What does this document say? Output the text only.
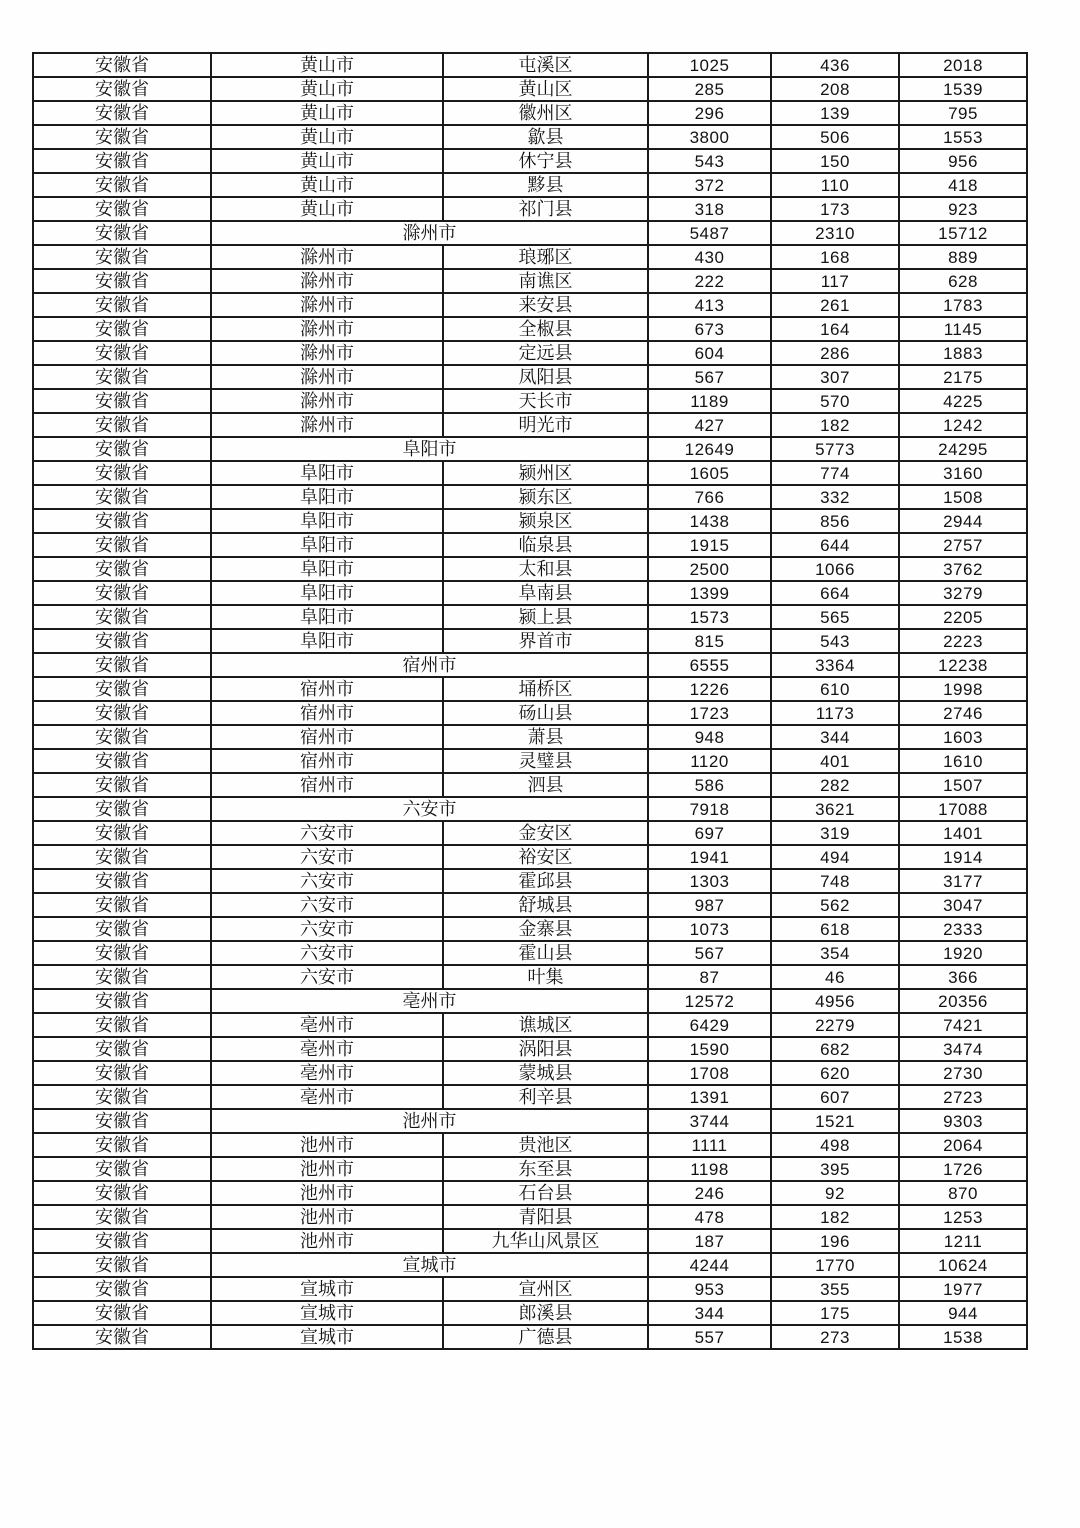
安徽省	黄山市	屯溪区	1025	436	2018
安徽省	黄山市	黄山区	285	208	1539
安徽省	黄山市	徽州区	296	139	795
安徽省	黄山市	歙县	3800	506	1553
安徽省	黄山市	休宁县	543	150	956
安徽省	黄山市	黟县	372	110	418
安徽省	黄山市	祁门县	318	173	923
安徽省	滁州市		5487	2310	15712
安徽省	滁州市	琅琊区	430	168	889
安徽省	滁州市	南谯区	222	117	628
安徽省	滁州市	来安县	413	261	1783
安徽省	滁州市	全椒县	673	164	1145
安徽省	滁州市	定远县	604	286	1883
安徽省	滁州市	凤阳县	567	307	2175
安徽省	滁州市	天长市	1189	570	4225
安徽省	滁州市	明光市	427	182	1242
安徽省	阜阳市		12649	5773	24295
安徽省	阜阳市	颍州区	1605	774	3160
安徽省	阜阳市	颍东区	766	332	1508
安徽省	阜阳市	颍泉区	1438	856	2944
安徽省	阜阳市	临泉县	1915	644	2757
安徽省	阜阳市	太和县	2500	1066	3762
安徽省	阜阳市	阜南县	1399	664	3279
安徽省	阜阳市	颍上县	1573	565	2205
安徽省	阜阳市	界首市	815	543	2223
安徽省	宿州市		6555	3364	12238
安徽省	宿州市	埇桥区	1226	610	1998
安徽省	宿州市	砀山县	1723	1173	2746
安徽省	宿州市	萧县	948	344	1603
安徽省	宿州市	灵璧县	1120	401	1610
安徽省	宿州市	泗县	586	282	1507
安徽省	六安市		7918	3621	17088
安徽省	六安市	金安区	697	319	1401
安徽省	六安市	裕安区	1941	494	1914
安徽省	六安市	霍邱县	1303	748	3177
安徽省	六安市	舒城县	987	562	3047
安徽省	六安市	金寨县	1073	618	2333
安徽省	六安市	霍山县	567	354	1920
安徽省	六安市	叶集	87	46	366
安徽省	亳州市		12572	4956	20356
安徽省	亳州市	谯城区	6429	2279	7421
安徽省	亳州市	涡阳县	1590	682	3474
安徽省	亳州市	蒙城县	1708	620	2730
安徽省	亳州市	利辛县	1391	607	2723
安徽省	池州市		3744	1521	9303
安徽省	池州市	贵池区	1111	498	2064
安徽省	池州市	东至县	1198	395	1726
安徽省	池州市	石台县	246	92	870
安徽省	池州市	青阳县	478	182	1253
安徽省	池州市	九华山风景区	187	196	1211
安徽省	宣城市		4244	1770	10624
安徽省	宣城市	宣州区	953	355	1977
安徽省	宣城市	郎溪县	344	175	944
安徽省	宣城市	广德县	557	273	1538
